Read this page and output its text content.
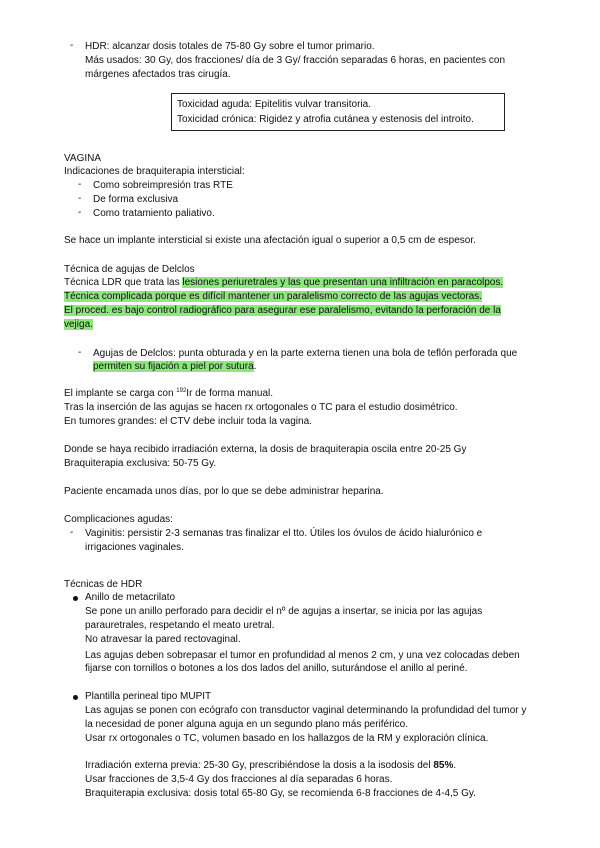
- HDR: alcanzar dosis totales de 75-80 Gy sobre el tumor primario.
Más usados: 30 Gy, dos fracciones/ día de 3 Gy/ fracción separadas 6 horas, en pacientes con
márgenes afectados tras cirugía.
Toxicidad aguda: Epitelitis vulvar transitoria.
Toxicidad crónica: Rigidez y atrofia cutánea y estenosis del introito.
VAGINA
Indicaciones de braquiterapia intersticial:
- Como sobreimpresión tras RTE
- De forma exclusiva
- Como tratamiento paliativo.
Se hace un implante intersticial si existe una afectación igual o superior a 0,5 cm de espesor.
Técnica de agujas de Delclos
Técnica LDR que trata las lesiones periuretrales y las que presentan una infiltración en paracolpos.
Técnica complicada porque es difícil mantener un paralelismo correcto de las agujas vectoras.
El proced. es bajo control radiográfico para asegurar ese paralelismo, evitando la perforación de la
vejiga.
- Agujas de Delclos: punta obturada y en la parte externa tienen una bola de teflón perforada que
permiten su fijación a piel por sutura.
El implante se carga con $^{192}$Ir de forma manual.
Tras la inserción de las agujas se hacen rx ortogonales o TC para el estudio dosimétrico.
En tumores grandes: el CTV debe incluir toda la vagina.
Donde se haya recibido irradiación externa, la dosis de braquiterapia oscila entre 20-25 Gy
Braquiterapia exclusiva: 50-75 Gy.
Paciente encamada unos días, por lo que se debe administrar heparina.
Complicaciones agudas:
- Vaginitis: persistir 2-3 semanas tras finalizar el tto. Útiles los óvulos de ácido hialurónico e
irrigaciones vaginales.
Técnicas de HDR
Anillo de metacrilato
Se pone un anillo perforado para decidir el nº de agujas a insertar, se inicia por las agujas
parauretrales, respetando el meato uretral.
No atravesar la pared rectovaginal.
Las agujas deben sobrepasar el tumor en profundidad al menos 2 cm, y una vez colocadas deben
fijarse con tornillos o botones a los dos lados del anillo, suturándose el anillo al periné.
Plantilla perineal tipo MUPIT
Las agujas se ponen con ecógrafo con transductor vaginal determinando la profundidad del tumor y
la necesidad de poner alguna aguja en un segundo plano más periférico.
Usar rx ortogonales o TC, volumen basado en los hallazgos de la RM y exploración clínica.
Irradiación externa previa: 25-30 Gy, prescribiéndose la dosis a la isodosis del 85%.
Usar fracciones de 3,5-4 Gy dos fracciones al día separadas 6 horas.
Braquiterapia exclusiva: dosis total 65-80 Gy, se recomienda 6-8 fracciones de 4-4,5 Gy.
